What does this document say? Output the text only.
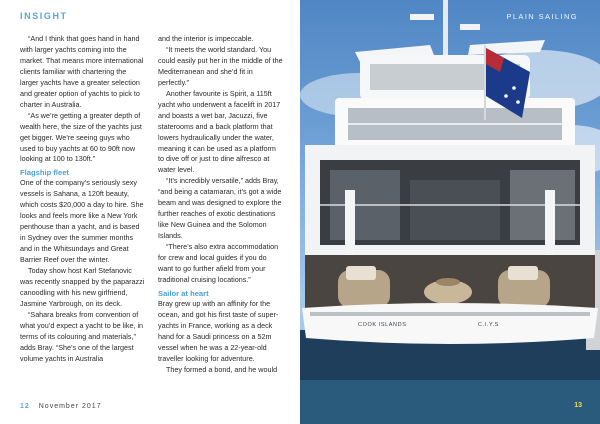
INSIGHT

“And I think that goes hand in hand with larger yachts coming into the market. That means more international clients familiar with chartering the larger yachts have a greater selection and greater option of yachts to pick to charter in Australia.

“As we’re getting a greater depth of wealth here, the size of the yachts just get bigger. We’re seeing guys who used to buy yachts at 60 to 90ft now looking at 100 to 130ft.”

Flagship fleet

One of the company’s seriously sexy vessels is Sahana, a 120ft beauty, which costs $20,000 a day to hire. She looks and feels more like a New York penthouse than a yacht, and is based in Sydney over the summer months and in the Whitsundays and Great Barrier Reef over the winter.

Today show host Karl Stefanovic was recently snapped by the paparazzi canoodling with his new girlfriend, Jasmine Yarbrough, on its deck.

“Sahara breaks from convention of what you’d expect a yacht to be like, in terms of its colouring and materials,” adds Bray. “She’s one of the largest volume yachts in Australia

and the interior is impeccable.

“It meets the world standard. You could easily put her in the middle of the Mediterranean and she’d fit in perfectly.”

Another favourite is Spirit, a 115ft yacht who underwent a facelift in 2017 and boasts a wet bar, Jacuzzi, five staterooms and a back platform that lowers hydraulically under the water, meaning it can be used as a platform to dive off or just to dine alfresco at water level.

“It’s incredibly versatile,” adds Bray, “and being a catamaran, it’s got a wide beam and was designed to explore the further reaches of exotic destinations like New Guinea and the Solomon Islands.

“There’s also extra accommodation for crew and local guides if you do want to go further afield from your traditional cruising locations.”

Sailor at heart

Bray grew up with an affinity for the ocean, and got his first taste of super-yachts in France, working as a deck hand for a Saudi princess on a 52m vessel when he was a 22-year-old traveller looking for adventure.

They formed a bond, and he would

12 November 2017
PLAIN SAILING
COOK ISLANDS	C.I.Y.S
13
